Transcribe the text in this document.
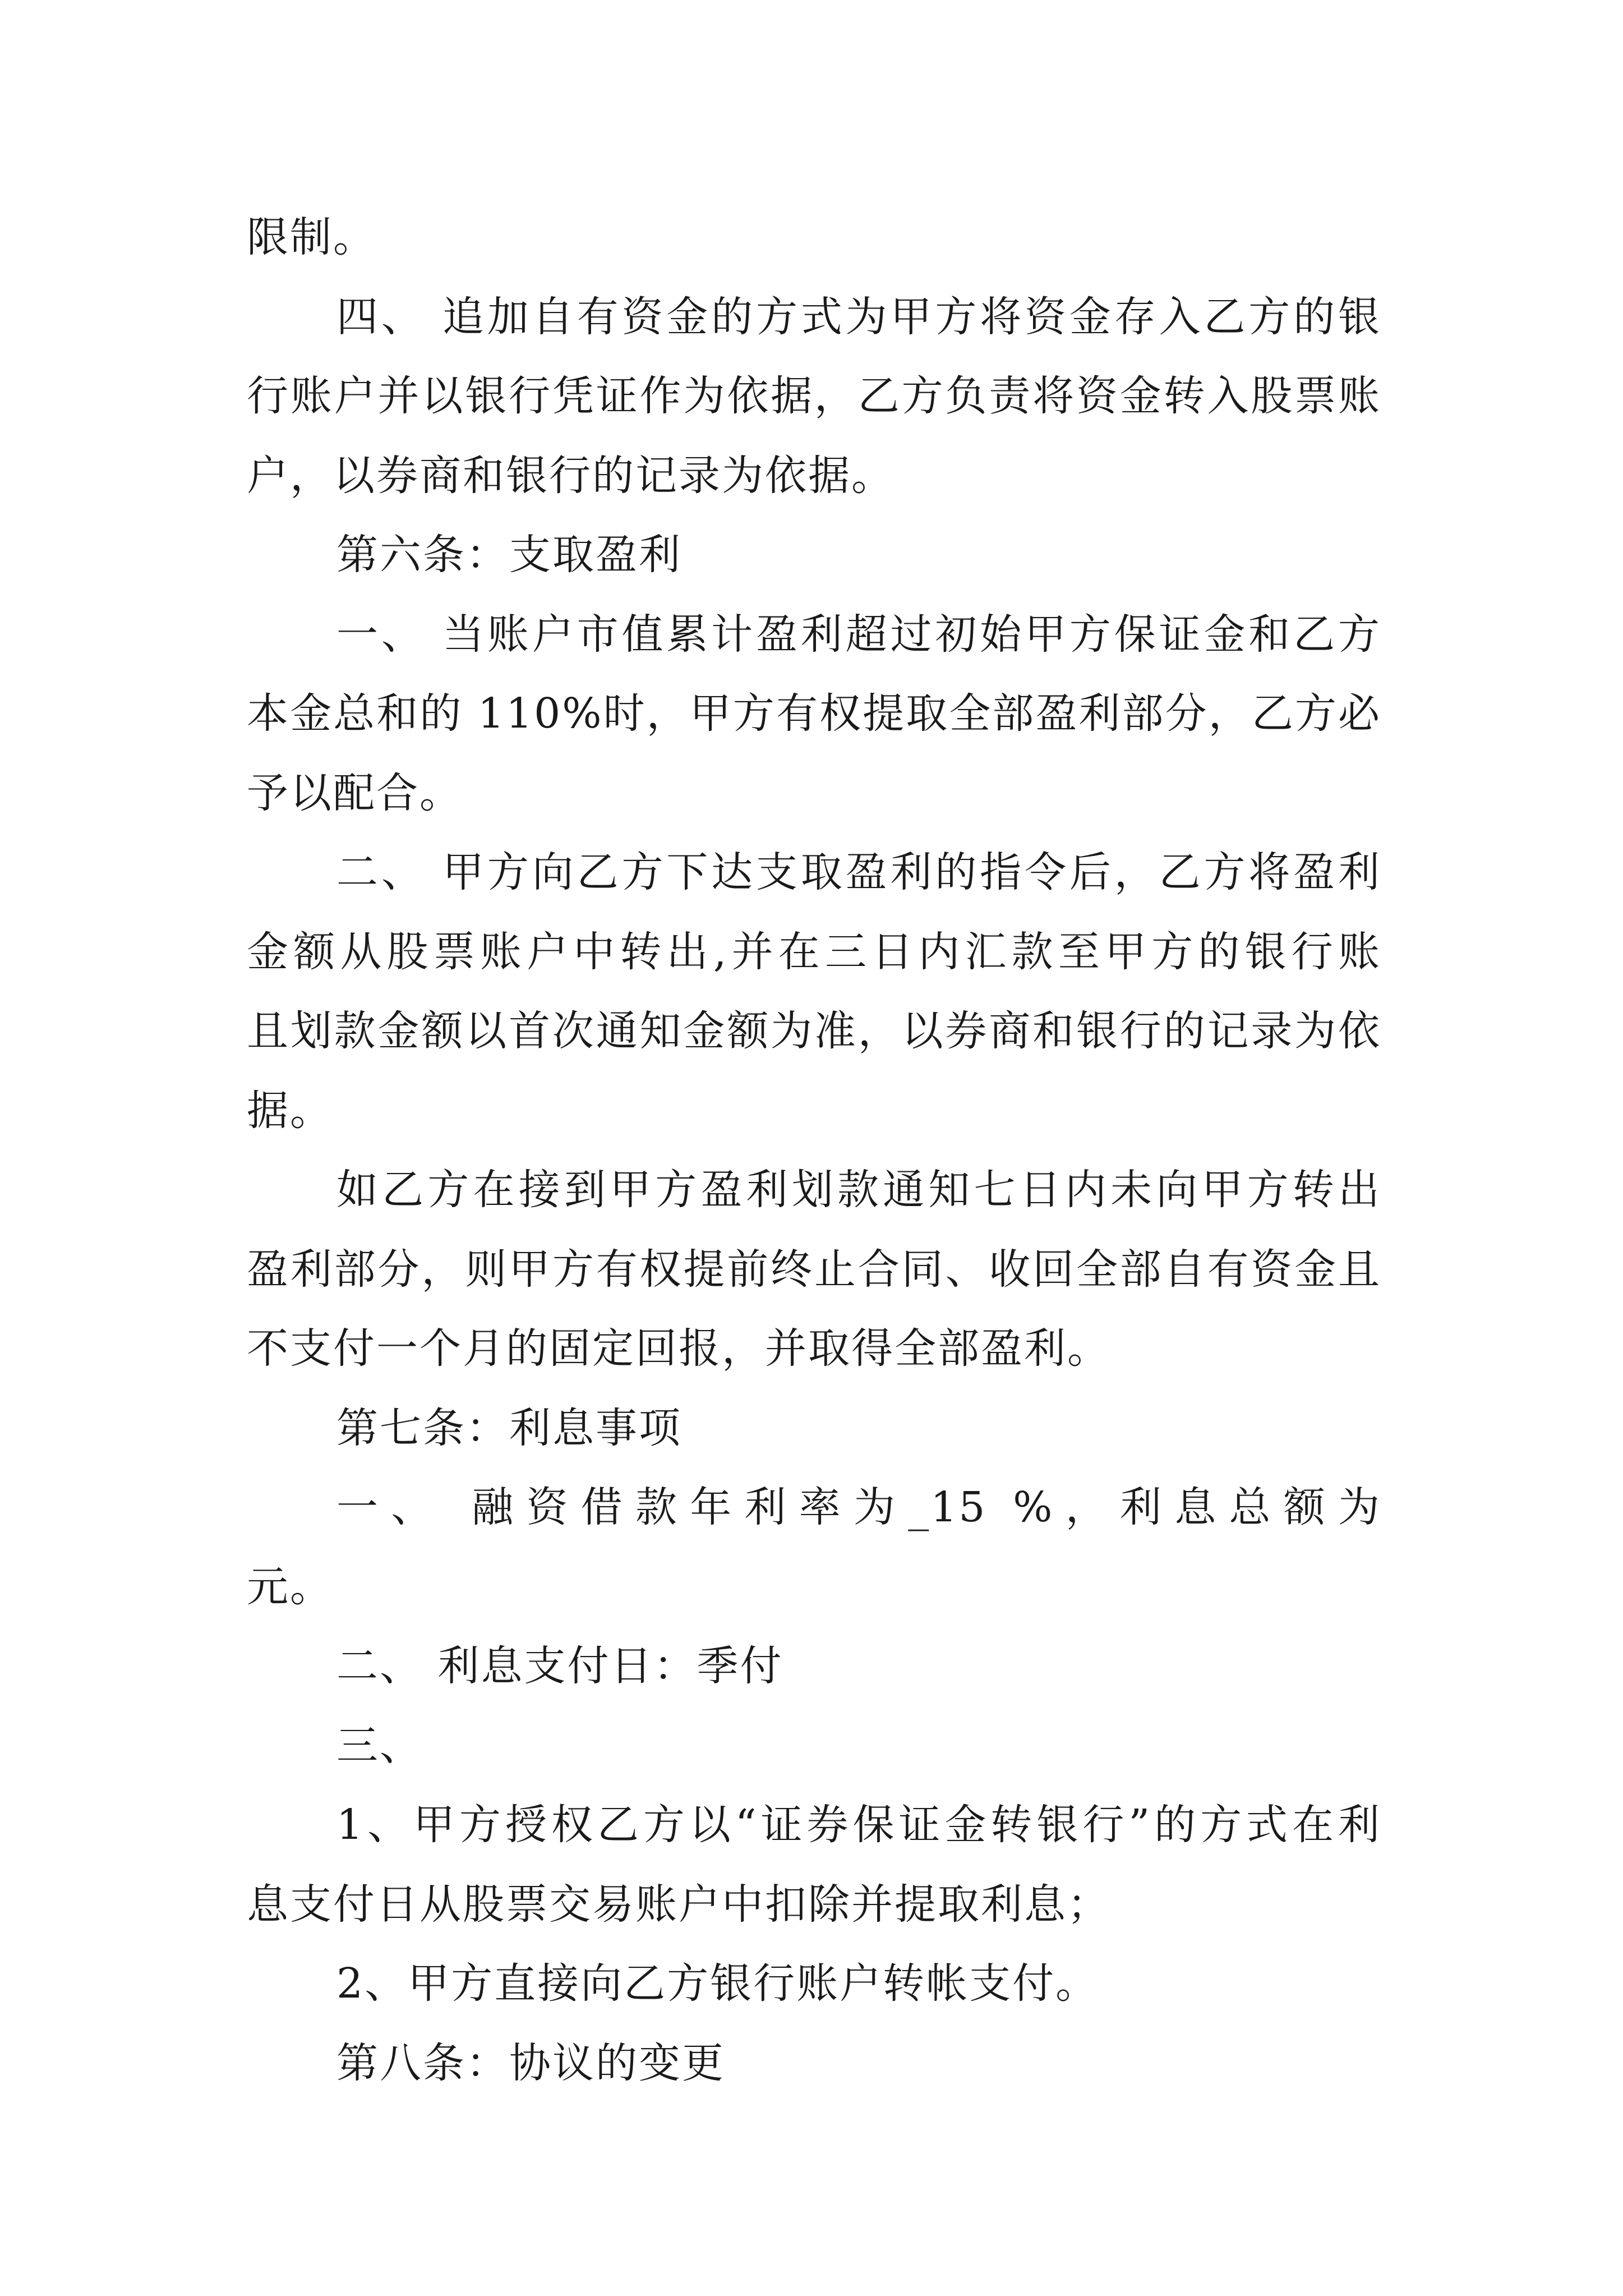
限制。
四、 追加自有资金的方式为甲方将资金存入乙方的银
行账户并以银行凭证作为依据，乙方负责将资金转入股票账
户，以券商和银行的记录为依据。
第六条：支取盈利
一、 当账户市值累计盈利超过初始甲方保证金和乙方
本金总和的 110%时，甲方有权提取全部盈利部分，乙方必
予以配合。
二、 甲方向乙方下达支取盈利的指令后，乙方将盈利
金额从股票账户中转出,并在三日内汇款至甲方的银行账
且划款金额以首次通知金额为准，以券商和银行的记录为依
据。
如乙方在接到甲方盈利划款通知七日内未向甲方转出
盈利部分，则甲方有权提前终止合同、收回全部自有资金且
不支付一个月的固定回报，并取得全部盈利。
第七条：利息事项
一、 融资借款年利率为_15 %，利息总额为
元。
二、 利息支付日：季付
三、
1、甲方授权乙方以“证券保证金转银行”的方式在利
息支付日从股票交易账户中扣除并提取利息；
2、甲方直接向乙方银行账户转帐支付。
第八条：协议的变更
